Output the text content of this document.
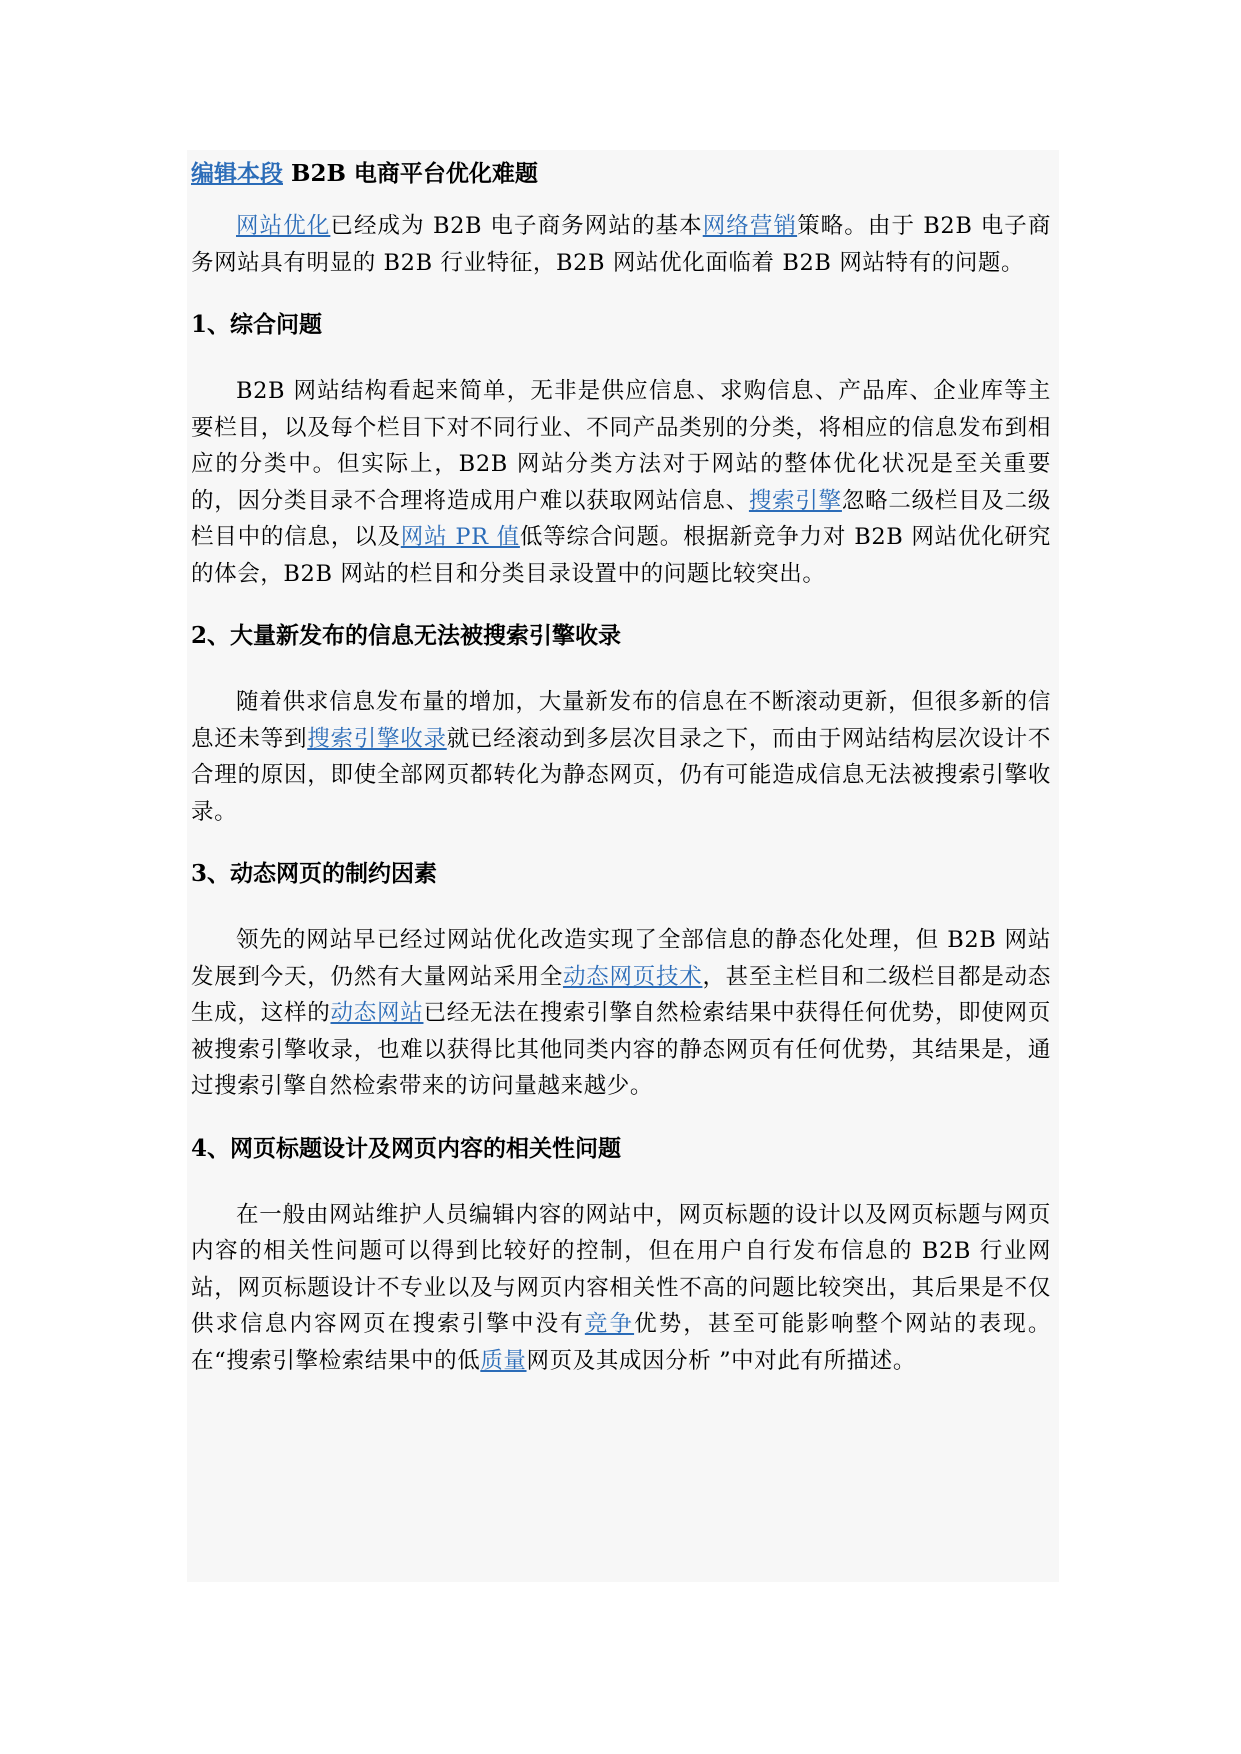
编辑本段 B2B 电商平台优化难题

网站优化已经成为 B2B 电子商务网站的基本网络营销策略。由于 B2B 电子商务网站具有明显的 B2B 行业特征，B2B 网站优化面临着 B2B 网站特有的问题。

1、综合问题

B2B 网站结构看起来简单，无非是供应信息、求购信息、产品库、企业库等主要栏目，以及每个栏目下对不同行业、不同产品类别的分类，将相应的信息发布到相应的分类中。但实际上，B2B 网站分类方法对于网站的整体优化状况是至关重要的，因分类目录不合理将造成用户难以获取网站信息、搜索引擎忽略二级栏目及二级栏目中的信息，以及网站 PR 值低等综合问题。根据新竞争力对 B2B 网站优化研究的体会，B2B 网站的栏目和分类目录设置中的问题比较突出。

2、大量新发布的信息无法被搜索引擎收录

随着供求信息发布量的增加，大量新发布的信息在不断滚动更新，但很多新的信息还未等到搜索引擎收录就已经滚动到多层次目录之下，而由于网站结构层次设计不合理的原因，即使全部网页都转化为静态网页，仍有可能造成信息无法被搜索引擎收录。

3、动态网页的制约因素

领先的网站早已经过网站优化改造实现了全部信息的静态化处理，但 B2B 网站发展到今天，仍然有大量网站采用全动态网页技术，甚至主栏目和二级栏目都是动态生成，这样的动态网站已经无法在搜索引擎自然检索结果中获得任何优势，即使网页被搜索引擎收录，也难以获得比其他同类内容的静态网页有任何优势，其结果是，通过搜索引擎自然检索带来的访问量越来越少。

4、网页标题设计及网页内容的相关性问题

在一般由网站维护人员编辑内容的网站中，网页标题的设计以及网页标题与网页内容的相关性问题可以得到比较好的控制，但在用户自行发布信息的 B2B 行业网站，网页标题设计不专业以及与网页内容相关性不高的问题比较突出，其后果是不仅供求信息内容网页在搜索引擎中没有竞争优势，甚至可能影响整个网站的表现。在“搜索引擎检索结果中的低质量网页及其成因分析 ”中对此有所描述。
